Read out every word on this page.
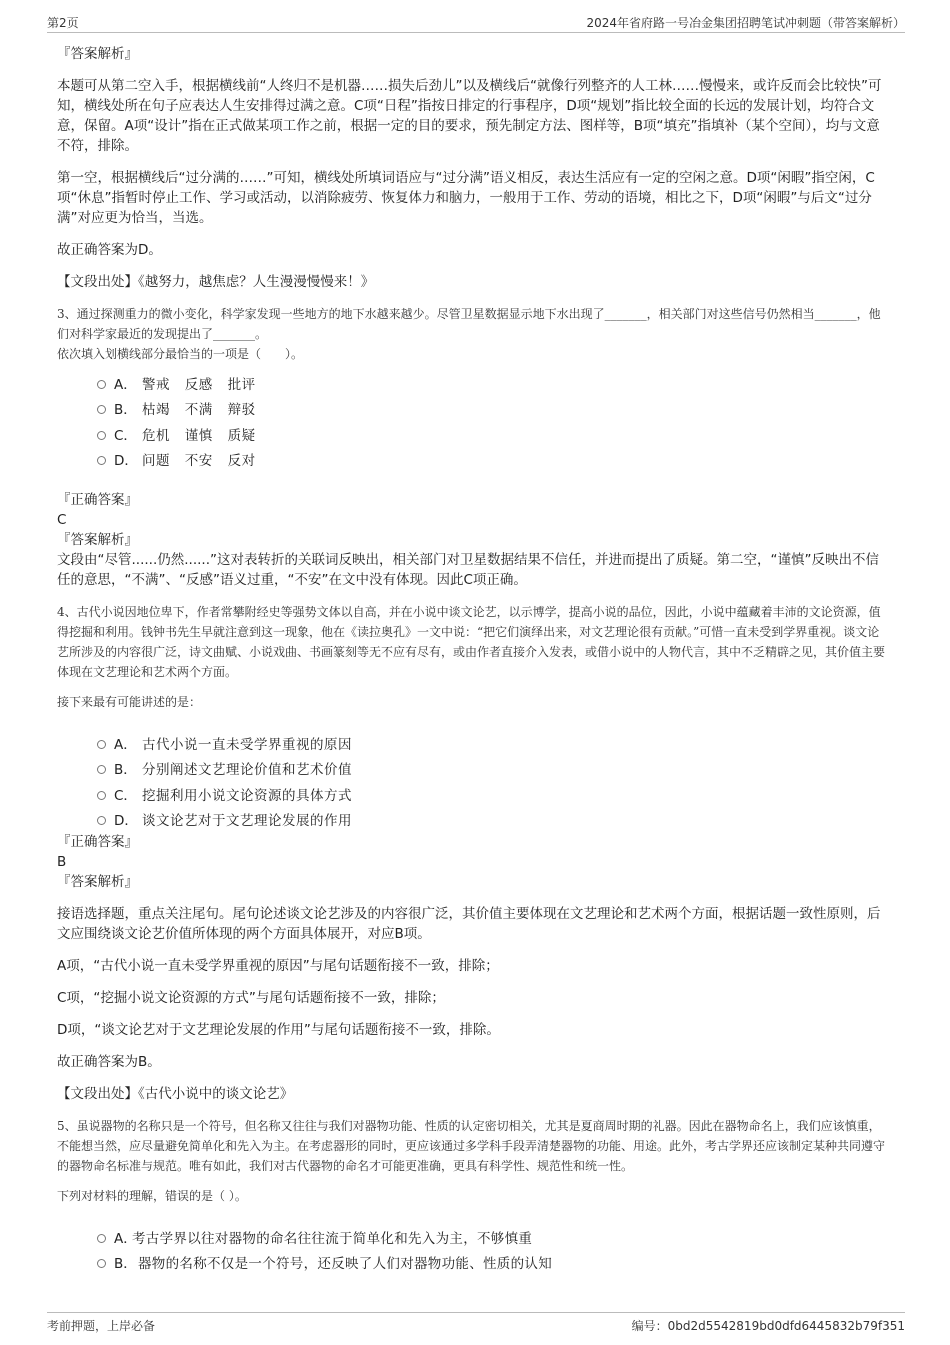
第2页	2024年省府路一号冶金集团招聘笔试冲刺题（带答案解析）

『答案解析』

本题可从第二空入手，根据横线前“人终归不是机器……损失后劲儿”以及横线后“就像行列整齐的人工林……慢慢来，或许反而会比较快”可知，横线处所在句子应表达人生安排得过满之意。C项“日程”指按日排定的行事程序，D项“规划”指比较全面的长远的发展计划，均符合文意，保留。A项“设计”指在正式做某项工作之前，根据一定的目的要求，预先制定方法、图样等，B项“填充”指填补（某个空间），均与文意不符，排除。

第一空，根据横线后“过分满的……”可知，横线处所填词语应与“过分满”语义相反，表达生活应有一定的空闲之意。D项“闲暇”指空闲，C项“休息”指暂时停止工作、学习或活动，以消除疲劳、恢复体力和脑力，一般用于工作、劳动的语境，相比之下，D项“闲暇”与后文“过分满”对应更为恰当，当选。

故正确答案为D。

【文段出处】《越努力，越焦虑？人生漫漫慢慢来！》

3、通过探测重力的微小变化，科学家发现一些地方的地下水越来越少。尽管卫星数据显示地下水出现了_______，相关部门对这些信号仍然相当_______，他们对科学家最近的发现提出了_______。

依次填入划横线部分最恰当的一项是（　　）。

A． 警戒 反感 批评
B． 枯竭 不满 辩驳
C． 危机 谨慎 质疑
D． 问题 不安 反对

『正确答案』

C

『答案解析』

文段由“尽管......仍然......”这对表转折的关联词反映出，相关部门对卫星数据结果不信任，并进而提出了质疑。第二空，“谨慎”反映出不信任的意思，“不满”、“反感”语义过重，“不安”在文中没有体现。因此C项正确。

4、古代小说因地位卑下，作者常攀附经史等强势文体以自高，并在小说中谈文论艺，以示博学，提高小说的品位，因此，小说中蕴藏着丰沛的文论资源，值得挖掘和利用。钱钟书先生早就注意到这一现象，他在《读拉奥孔》一文中说：“把它们演绎出来，对文艺理论很有贡献。”可惜一直未受到学界重视。谈文论艺所涉及的内容很广泛，诗文曲赋、小说戏曲、书画篆刻等无不应有尽有，或由作者直接介入发表，或借小说中的人物代言，其中不乏精辟之见，其价值主要体现在文艺理论和艺术两个方面。

接下来最有可能讲述的是：

A． 古代小说一直未受学界重视的原因
B． 分别阐述文艺理论价值和艺术价值
C． 挖掘利用小说文论资源的具体方式
D． 谈文论艺对于文艺理论发展的作用

『正确答案』

B

『答案解析』

接语选择题，重点关注尾句。尾句论述谈文论艺涉及的内容很广泛，其价值主要体现在文艺理论和艺术两个方面，根据话题一致性原则，后文应围绕谈文论艺价值所体现的两个方面具体展开，对应B项。

A项，“古代小说一直未受学界重视的原因”与尾句话题衔接不一致，排除；

C项，“挖掘小说文论资源的方式”与尾句话题衔接不一致，排除；

D项，“谈文论艺对于文艺理论发展的作用”与尾句话题衔接不一致，排除。

故正确答案为B。

【文段出处】《古代小说中的谈文论艺》

5、虽说器物的名称只是一个符号，但名称又往往与我们对器物功能、性质的认定密切相关，尤其是夏商周时期的礼器。因此在器物命名上，我们应该慎重，不能想当然，应尽量避免简单化和先入为主。在考虑器形的同时，更应该通过多学科手段弄清楚器物的功能、用途。此外，考古学界还应该制定某种共同遵守的器物命名标准与规范。唯有如此，我们对古代器物的命名才可能更准确，更具有科学性、规范性和统一性。

下列对材料的理解，错误的是（ ）。

A．
考古学界以往对器物的命名往往流于简单化和先入为主，不够慎重
B． 器物的名称不仅是一个符号，还反映了人们对器物功能、性质的认知
考前押题，上岸必备	编号：0bd2d5542819bd0dfd6445832b79f351
